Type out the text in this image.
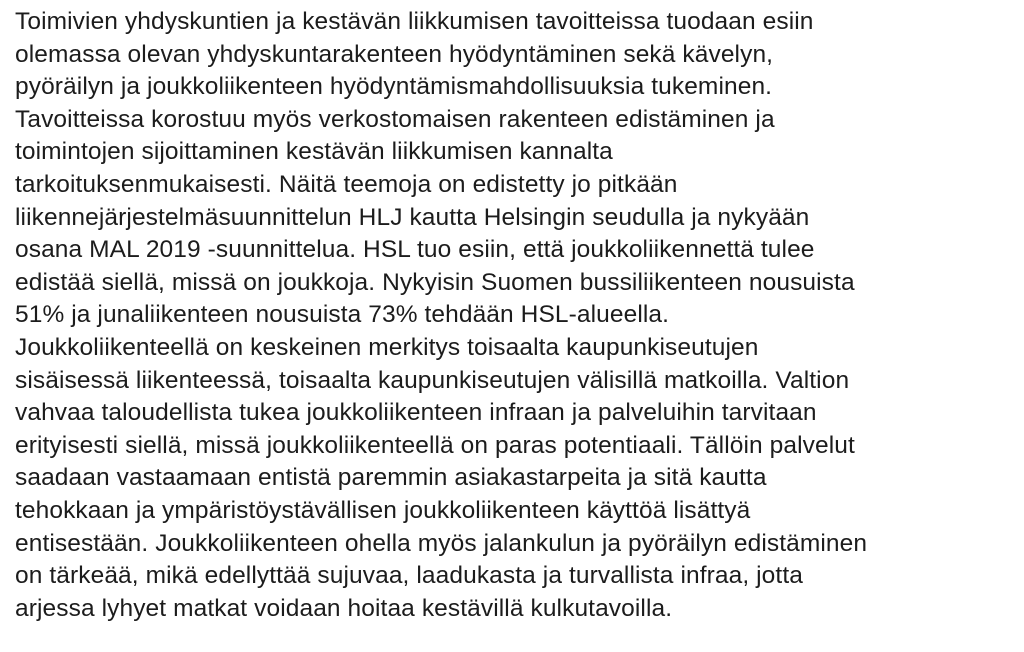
Toimivien yhdyskuntien ja kestävän liikkumisen tavoitteissa tuodaan esiin
olemassa olevan yhdyskuntarakenteen hyödyntäminen sekä kävelyn,
pyöräilyn ja joukkoliikenteen hyödyntämismahdollisuuksia tukeminen.
Tavoitteissa korostuu myös verkostomaisen rakenteen edistäminen ja
toimintojen sijoittaminen kestävän liikkumisen kannalta
tarkoituksenmukaisesti. Näitä teemoja on edistetty jo pitkään
liikennejärjestelmäsuunnittelun HLJ kautta Helsingin seudulla ja nykyään
osana MAL 2019 -suunnittelua. HSL tuo esiin, että joukkoliikennettä tulee
edistää siellä, missä on joukkoja. Nykyisin Suomen bussiliikenteen nousuista
51% ja junaliikenteen nousuista 73% tehdään HSL-alueella.
Joukkoliikenteellä on keskeinen merkitys toisaalta kaupunkiseutujen
sisäisessä liikenteessä, toisaalta kaupunkiseutujen välisillä matkoilla. Valtion
vahvaa taloudellista tukea joukkoliikenteen infraan ja palveluihin tarvitaan
erityisesti siellä, missä joukkoliikenteellä on paras potentiaali. Tällöin palvelut
saadaan vastaamaan entistä paremmin asiakastarpeita ja sitä kautta
tehokkaan ja ympäristöystävällisen joukkoliikenteen käyttöä lisättyä
entisestään. Joukkoliikenteen ohella myös jalankulun ja pyöräilyn edistäminen
on tärkeää, mikä edellyttää sujuvaa, laadukasta ja turvallista infraa, jotta
arjessa lyhyet matkat voidaan hoitaa kestävillä kulkutavoilla.
